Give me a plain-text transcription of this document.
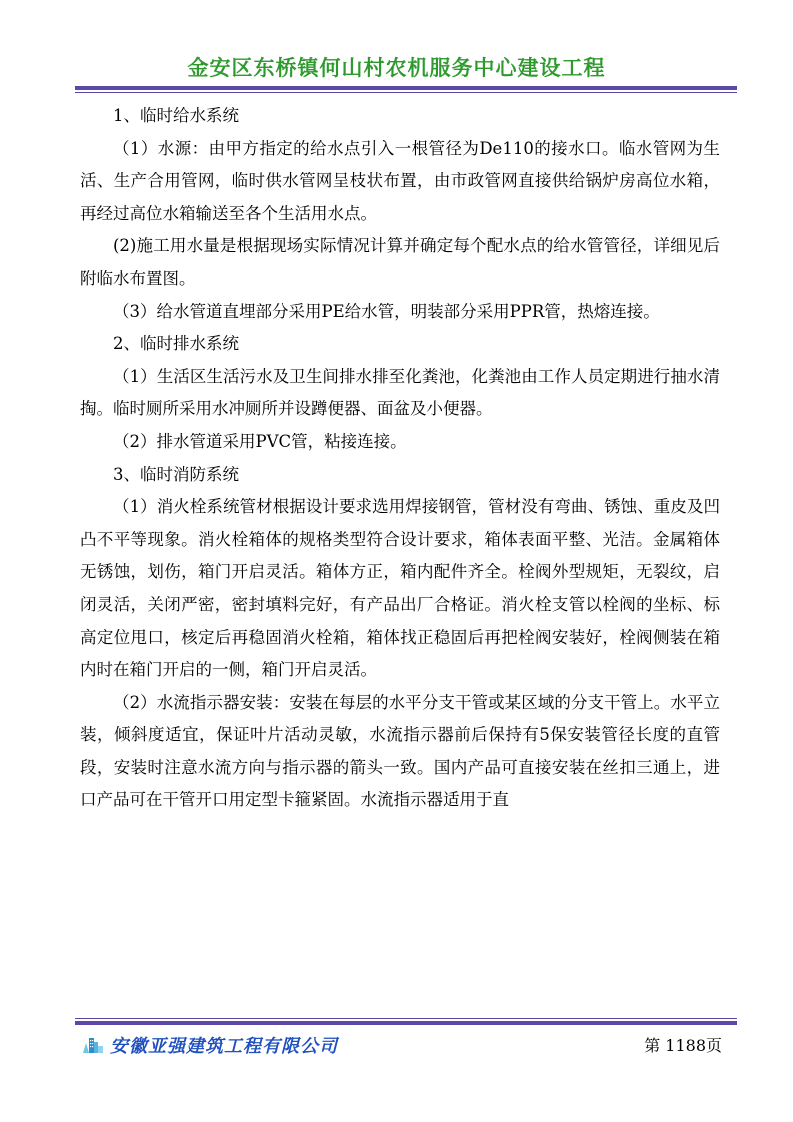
金安区东桥镇何山村农机服务中心建设工程

1、临时给水系统

（1）水源：由甲方指定的给水点引入一根管径为De110的接水口。临水管网为生活、生产合用管网，临时供水管网呈枝状布置，由市政管网直接供给锅炉房高位水箱，再经过高位水箱输送至各个生活用水点。

(2)施工用水量是根据现场实际情况计算并确定每个配水点的给水管管径，详细见后附临水布置图。

（3）给水管道直埋部分采用PE给水管，明装部分采用PPR管，热熔连接。

2、临时排水系统

（1）生活区生活污水及卫生间排水排至化粪池，化粪池由工作人员定期进行抽水清掏。临时厕所采用水冲厕所并设蹲便器、面盆及小便器。

（2）排水管道采用PVC管，粘接连接。

3、临时消防系统

（1）消火栓系统管材根据设计要求选用焊接钢管，管材没有弯曲、锈蚀、重皮及凹凸不平等现象。消火栓箱体的规格类型符合设计要求，箱体表面平整、光洁。金属箱体无锈蚀，划伤，箱门开启灵活。箱体方正，箱内配件齐全。栓阀外型规矩，无裂纹，启闭灵活，关闭严密，密封填料完好，有产品出厂合格证。消火栓支管以栓阀的坐标、标高定位甩口，核定后再稳固消火栓箱，箱体找正稳固后再把栓阀安装好，栓阀侧装在箱内时在箱门开启的一侧，箱门开启灵活。

（2）水流指示器安装：安装在每层的水平分支干管或某区域的分支干管上。水平立装，倾斜度适宜，保证叶片活动灵敏，水流指示器前后保持有5保安装管径长度的直管段，安装时注意水流方向与指示器的箭头一致。国内产品可直接安装在丝扣三通上，进口产品可在干管开口用定型卡箍紧固。水流指示器适用于直

安徽亚强建筑工程有限公司	第 1188页
